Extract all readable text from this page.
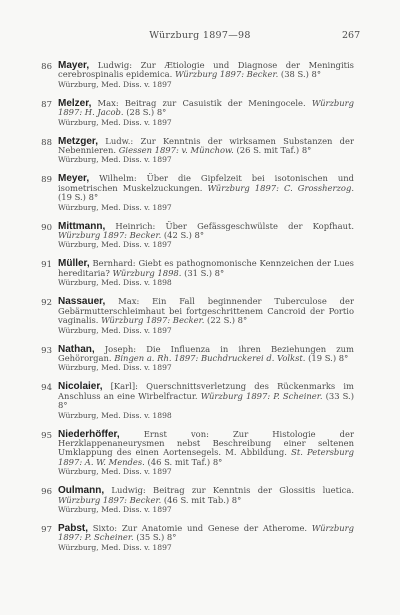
Würzburg 1897—98	267
86 Mayer, Ludwig: Zur Ætiologie und Diagnose der Meningitis cerebrospinalis epidemica. Würzburg 1897: Becker. (38 S.) 8°
Würzburg, Med. Diss. v. 1897
87 Melzer, Max: Beitrag zur Casuistik der Meningocele. Würzburg 1897: H. Jacob. (28 S.) 8°
Würzburg, Med. Diss. v. 1897
88 Metzger, Ludw.: Zur Kenntnis der wirksamen Substanzen der Nebennieren. Giessen 1897: v. Münchow. (26 S. mit Taf.) 8°
Würzburg, Med. Diss. v. 1897
89 Meyer, Wilhelm: Über die Gipfelzeit bei isotonischen und isometrischen Muskelzuckungen. Würzburg 1897: C. Grossherzog. (19 S.) 8°
Würzburg, Med. Diss. v. 1897
90 Mittmann, Heinrich: Über Gefässgeschwülste der Kopfhaut. Würzburg 1897: Becker. (42 S.) 8°
Würzburg, Med. Diss. v. 1897
91 Müller, Bernhard: Giebt es pathognomonische Kennzeichen der Lues hereditaria? Würzburg 1898. (31 S.) 8°
Würzburg, Med. Diss. v. 1898
92 Nassauer, Max: Ein Fall beginnender Tuberculose der Gebärmutterschleimhaut bei fortgeschrittenem Cancroid der Portio vaginalis. Würzburg 1897: Becker. (22 S.) 8°
Würzburg, Med. Diss. v. 1897
93 Nathan, Joseph: Die Influenza in ihren Beziehungen zum Gehörorgan. Bingen a. Rh. 1897: Buchdruckerei d. Volkst. (19 S.) 8°
Würzburg, Med. Diss. v. 1897
94 Nicolaier, [Karl]: Querschnittsverletzung des Rückenmarks im Anschluss an eine Wirbelfractur. Würzburg 1897: P. Scheiner. (33 S.) 8°
Würzburg, Med. Diss. v. 1898
95 Niederhöffer,	Ernst von:	Zur Histologie der Herzklappenaneurysmen nebst Beschreibung einer seltenen Umklappung des einen Aortensegels. M. Abbildung. St. Petersburg 1897: A. W. Mendes. (46 S. mit Taf.) 8°
Würzburg, Med. Diss. v. 1897
96 Oulmann, Ludwig: Beitrag zur Kenntnis der Glossitis luetica. Würzburg 1897: Becker. (46 S. mit Tab.) 8°
Würzburg, Med. Diss. v. 1897
97 Pabst, Sixto: Zur Anatomie und Genese der Atherome. Würzburg 1897: P. Scheiner. (35 S.) 8°
Würzburg, Med. Diss. v. 1897
